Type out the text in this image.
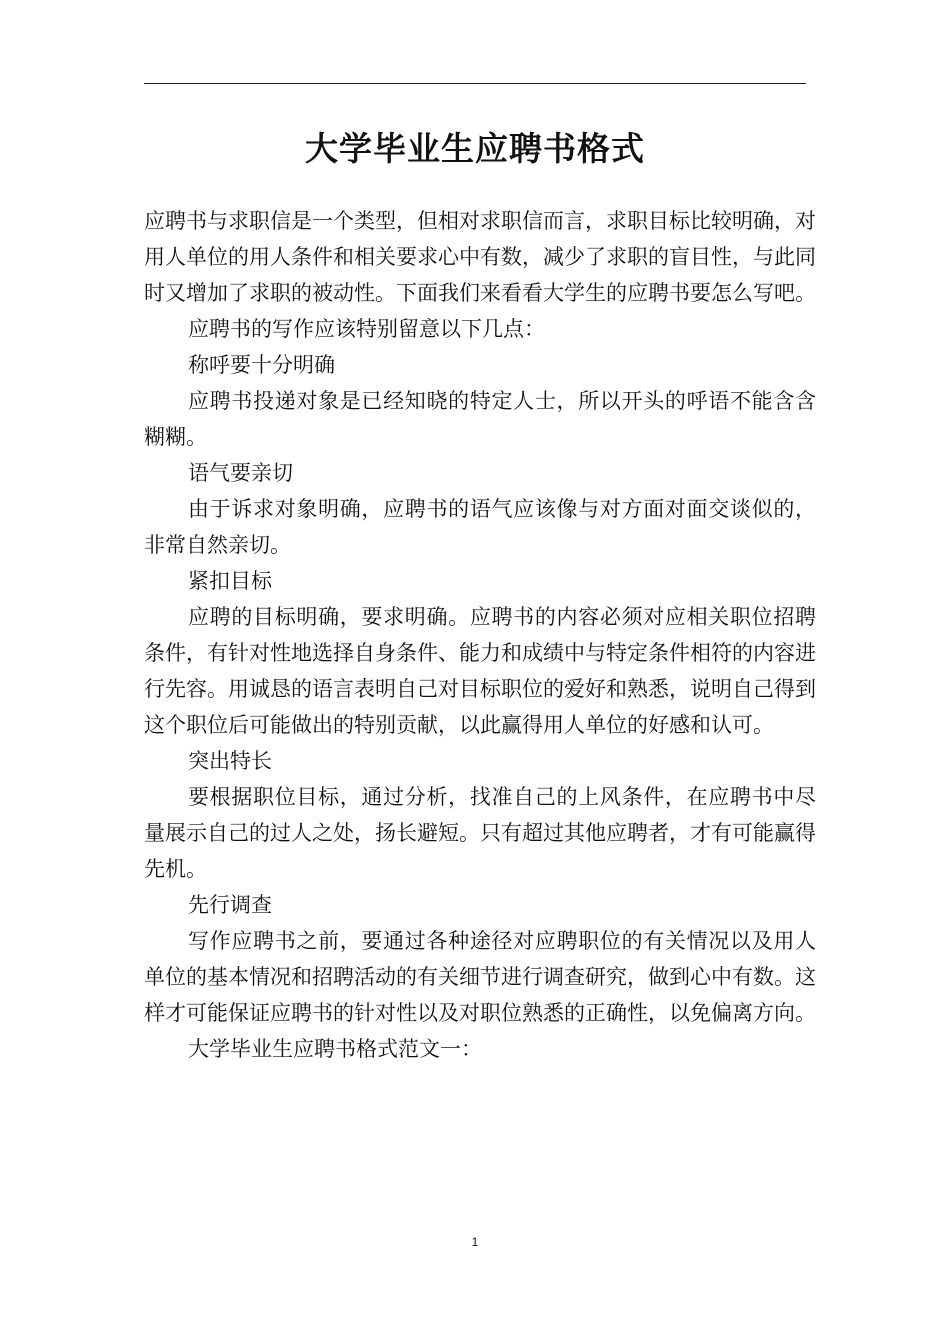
大学毕业生应聘书格式

应聘书与求职信是一个类型，但相对求职信而言，求职目标比较明确，对用人单位的用人条件和相关要求心中有数，减少了求职的盲目性，与此同时又增加了求职的被动性。下面我们来看看大学生的应聘书要怎么写吧。

应聘书的写作应该特别留意以下几点：

称呼要十分明确

应聘书投递对象是已经知晓的特定人士，所以开头的呼语不能含含糊糊。

语气要亲切

由于诉求对象明确，应聘书的语气应该像与对方面对面交谈似的，非常自然亲切。

紧扣目标

应聘的目标明确，要求明确。应聘书的内容必须对应相关职位招聘条件，有针对性地选择自身条件、能力和成绩中与特定条件相符的内容进行先容。用诚恳的语言表明自己对目标职位的爱好和熟悉，说明自己得到这个职位后可能做出的特别贡献，以此赢得用人单位的好感和认可。

突出特长

要根据职位目标，通过分析，找准自己的上风条件，在应聘书中尽量展示自己的过人之处，扬长避短。只有超过其他应聘者，才有可能赢得先机。

先行调查

写作应聘书之前，要通过各种途径对应聘职位的有关情况以及用人单位的基本情况和招聘活动的有关细节进行调查研究，做到心中有数。这样才可能保证应聘书的针对性以及对职位熟悉的正确性，以免偏离方向。

大学毕业生应聘书格式范文一：

1
